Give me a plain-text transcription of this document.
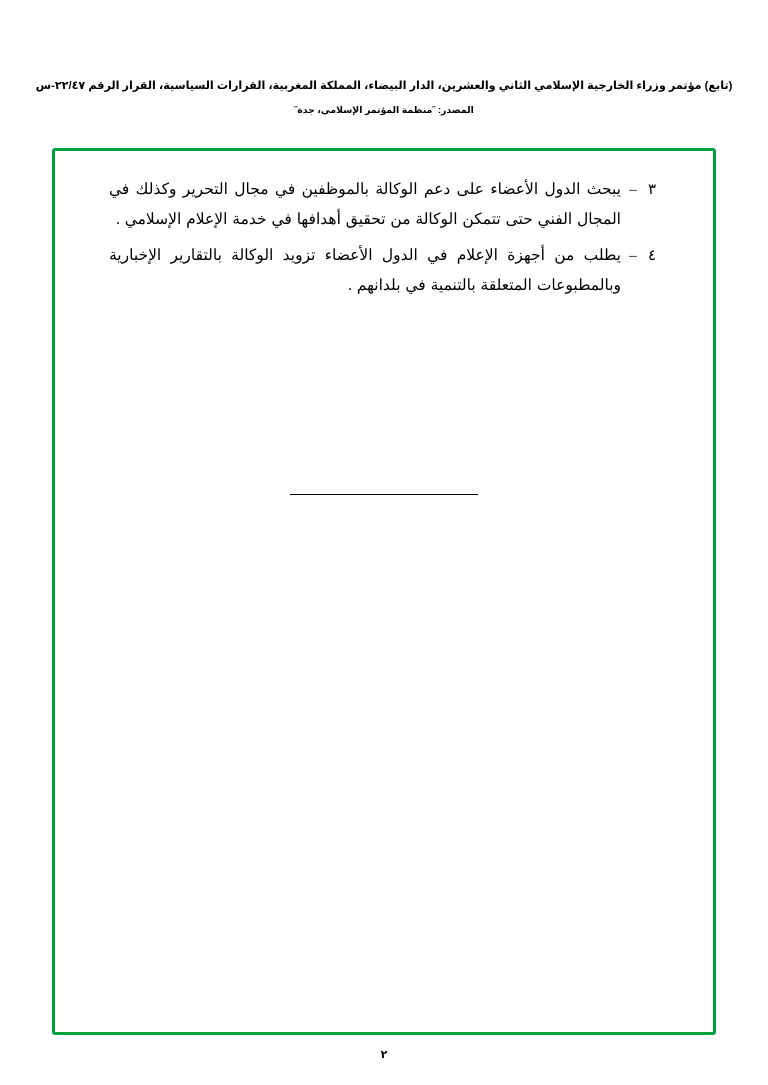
(تابع) مؤتمر وزراء الخارجية الإسلامي الثاني والعشرين، الدار البيضاء، المملكة المغربية، القرارات السياسية، القرار الرقم ٢٢/٤٧-س
المصدر: ˝منظمة المؤتمر الإسلامي، جدة˝
٣
–
يبحث الدول الأعضاء على دعم الوكالة بالموظفين في مجال التحرير وكذلك في المجال الفني حتى تتمكن الوكالة من تحقيق أهدافها في خدمة الإعلام الإسلامي .
٤
–
يطلب من أجهزة الإعلام في الدول الأعضاء تزويد الوكالة بالتقارير الإخبارية وبالمطبوعات المتعلقة بالتنمية في بلدانهم .
٢
